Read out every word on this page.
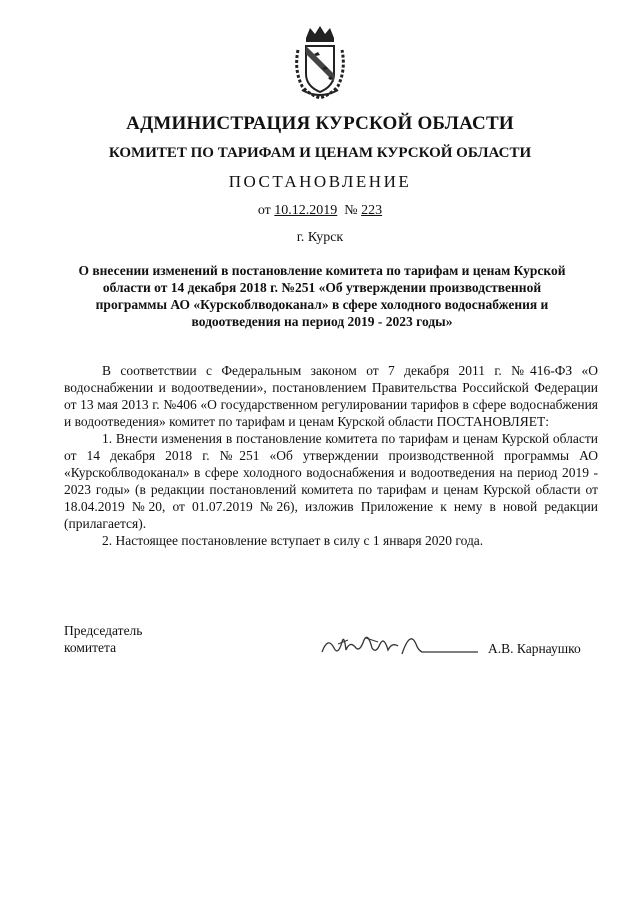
АДМИНИСТРАЦИЯ КУРСКОЙ ОБЛАСТИ
КОМИТЕТ ПО ТАРИФАМ И ЦЕНАМ КУРСКОЙ ОБЛАСТИ
ПОСТАНОВЛЕНИЕ
от 10.12.2019 № 223
г. Курск
О внесении изменений в постановление комитета по тарифам и ценам Курской области от 14 декабря 2018 г. №251 «Об утверждении производственной программы АО «Курскоблводоканал» в сфере холодного водоснабжения и водоотведения на период 2019 - 2023 годы»

В соответствии с Федеральным законом от 7 декабря 2011 г. №416-ФЗ «О водоснабжении и водоотведении», постановлением Правительства Российской Федерации от 13 мая 2013 г. №406 «О государственном регулировании тарифов в сфере водоснабжения и водоотведения» комитет по тарифам и ценам Курской области ПОСТАНОВЛЯЕТ:

1. Внести изменения в постановление комитета по тарифам и ценам Курской области от 14 декабря 2018 г. №251 «Об утверждении производственной программы АО «Курскоблводоканал» в сфере холодного водоснабжения и водоотведения на период 2019 - 2023 годы» (в редакции постановлений комитета по тарифам и ценам Курской области от 18.04.2019 №20, от 01.07.2019 №26), изложив Приложение к нему в новой редакции (прилагается).

2. Настоящее постановление вступает в силу с 1 января 2020 года.

Председатель
комитета	А.В. Карнаушко
